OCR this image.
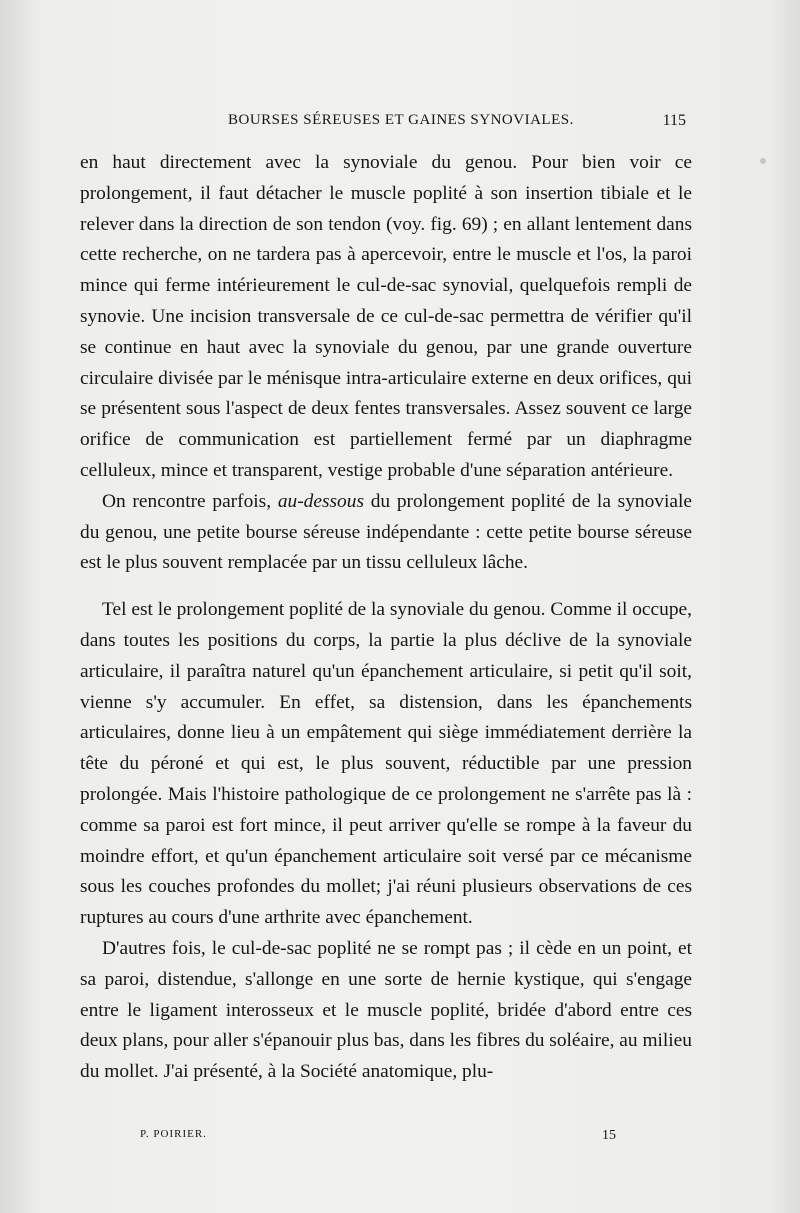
BOURSES SÉREUSES ET GAINES SYNOVIALES.	115

en haut directement avec la synoviale du genou. Pour bien voir ce prolongement, il faut détacher le muscle poplité à son insertion tibiale et le relever dans la direction de son tendon (voy. fig. 69) ; en allant lentement dans cette recherche, on ne tardera pas à apercevoir, entre le muscle et l'os, la paroi mince qui ferme intérieurement le cul-de-sac synovial, quelquefois rempli de synovie. Une incision transversale de ce cul-de-sac permettra de vérifier qu'il se continue en haut avec la synoviale du genou, par une grande ouverture circulaire divisée par le ménisque intra-articulaire externe en deux orifices, qui se présentent sous l'aspect de deux fentes transversales. Assez souvent ce large orifice de communication est partiellement fermé par un diaphragme celluleux, mince et transparent, vestige probable d'une séparation antérieure.

On rencontre parfois, au-dessous du prolongement poplité de la synoviale du genou, une petite bourse séreuse indépendante : cette petite bourse séreuse est le plus souvent remplacée par un tissu celluleux lâche.

Tel est le prolongement poplité de la synoviale du genou. Comme il occupe, dans toutes les positions du corps, la partie la plus déclive de la synoviale articulaire, il paraîtra naturel qu'un épanchement articulaire, si petit qu'il soit, vienne s'y accumuler. En effet, sa distension, dans les épanchements articulaires, donne lieu à un empâtement qui siège immédiatement derrière la tête du péroné et qui est, le plus souvent, réductible par une pression prolongée. Mais l'histoire pathologique de ce prolongement ne s'arrête pas là : comme sa paroi est fort mince, il peut arriver qu'elle se rompe à la faveur du moindre effort, et qu'un épanchement articulaire soit versé par ce mécanisme sous les couches profondes du mollet; j'ai réuni plusieurs observations de ces ruptures au cours d'une arthrite avec épanchement.

D'autres fois, le cul-de-sac poplité ne se rompt pas ; il cède en un point, et sa paroi, distendue, s'allonge en une sorte de hernie kystique, qui s'engage entre le ligament interosseux et le muscle poplité, bridée d'abord entre ces deux plans, pour aller s'épanouir plus bas, dans les fibres du soléaire, au milieu du mollet. J'ai présenté, à la Société anatomique, plu-

P. POIRIER.	15
